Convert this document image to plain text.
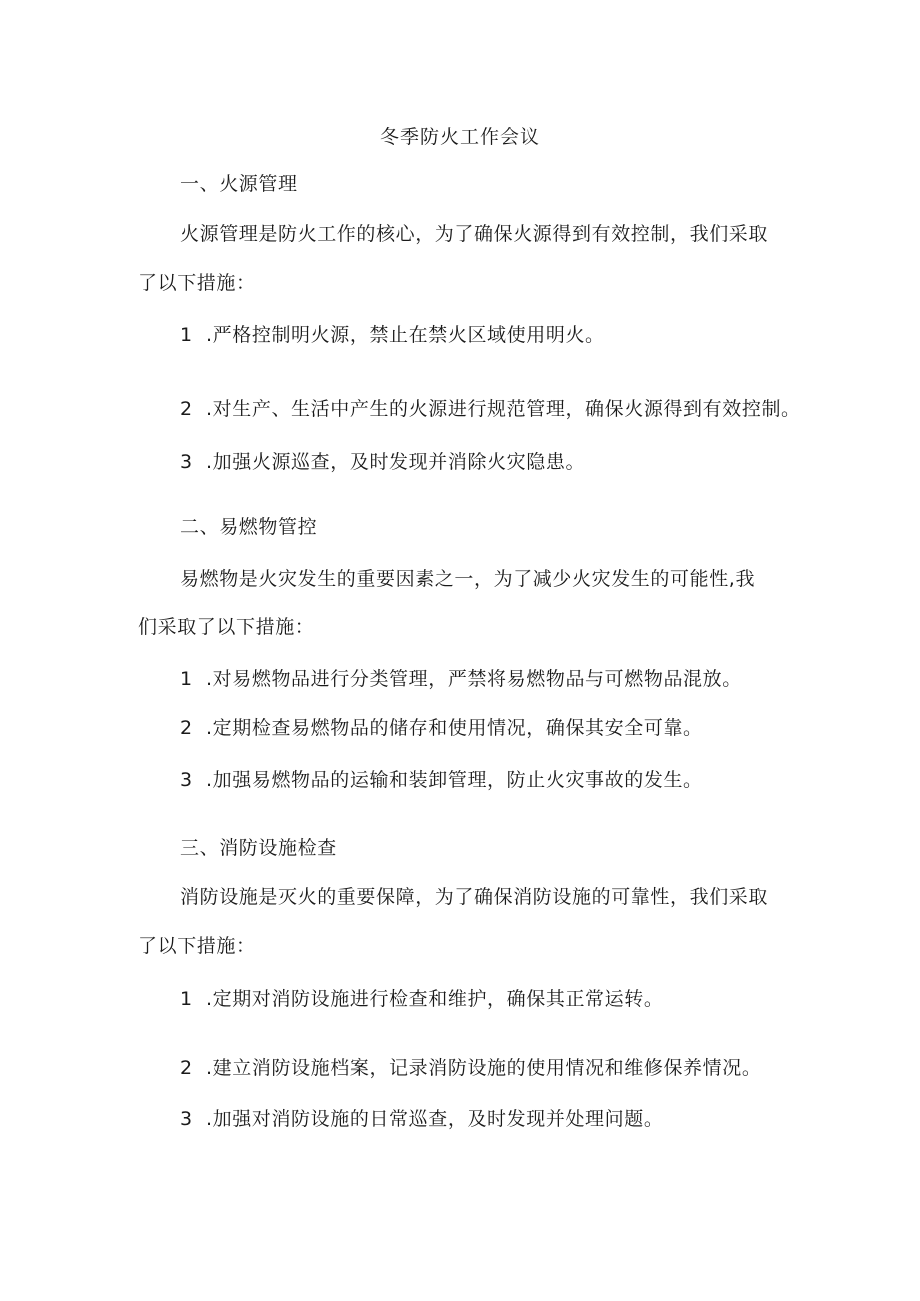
冬季防火工作会议
一、火源管理
火源管理是防火工作的核心，为了确保火源得到有效控制，我们采取
了以下措施：
1 .严格控制明火源，禁止在禁火区域使用明火。
2 .对生产、生活中产生的火源进行规范管理，确保火源得到有效控制。
3 .加强火源巡查，及时发现并消除火灾隐患。
二、易燃物管控
易燃物是火灾发生的重要因素之一，为了减少火灾发生的可能性,我
们采取了以下措施：
1 .对易燃物品进行分类管理，严禁将易燃物品与可燃物品混放。
2 .定期检查易燃物品的储存和使用情况，确保其安全可靠。
3 .加强易燃物品的运输和装卸管理，防止火灾事故的发生。
三、消防设施检查
消防设施是灭火的重要保障，为了确保消防设施的可靠性，我们采取
了以下措施：
1 .定期对消防设施进行检查和维护，确保其正常运转。
2 .建立消防设施档案，记录消防设施的使用情况和维修保养情况。
3 .加强对消防设施的日常巡查，及时发现并处理问题。
